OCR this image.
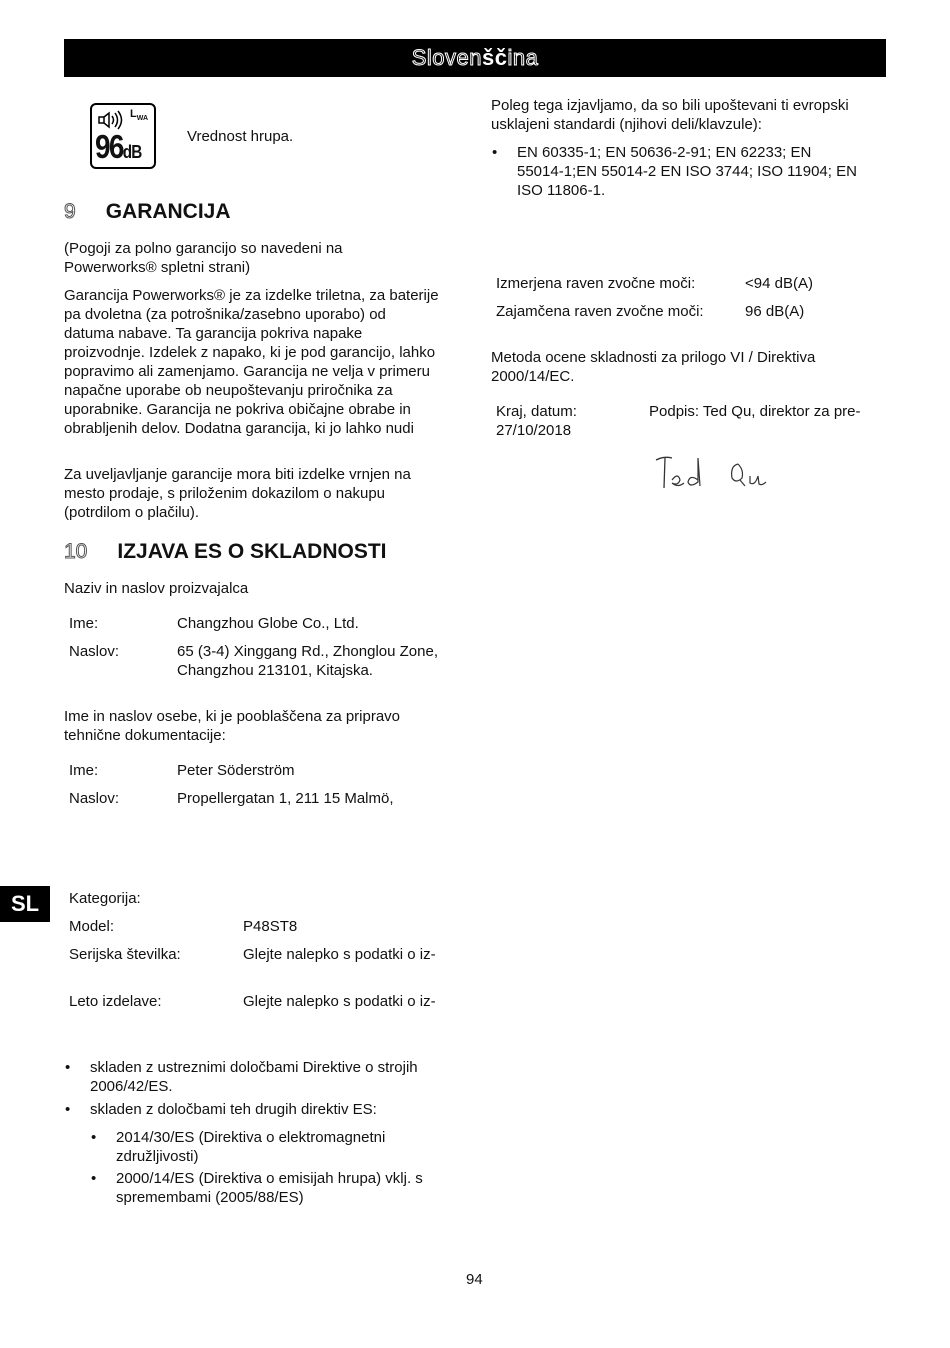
Slovenščina
$L_{WA}$
96dB

Vrednost hrupa.

9 GARANCIJA

(Pogoji za polno garancijo so navedeni na

Powerworks® spletni strani)

Garancija Powerworks® je za izdelke triletna, za baterije

pa dvoletna (za potrošnika/zasebno uporabo) od

datuma nabave. Ta garancija pokriva napake

proizvodnje. Izdelek z napako, ki je pod garancijo, lahko

popravimo ali zamenjamo. Garancija ne velja v primeru

napačne uporabe ob neupoštevanju priročnika za

uporabnike. Garancija ne pokriva običajne obrabe in

obrabljenih delov. Dodatna garancija, ki jo lahko nudi

Za uveljavljanje garancije mora biti izdelke vrnjen na

mesto prodaje, s priloženim dokazilom o nakupu

(potrdilom o plačilu).

10 IZJAVA ES O SKLADNOSTI

Naziv in naslov proizvajalca

Ime:	Changzhou Globe Co., Ltd.

Naslov:	65 (3-4) Xinggang Rd., Zhonglou Zone,

Changzhou 213101, Kitajska.

Ime in naslov osebe, ki je pooblaščena za pripravo

tehnične dokumentacije:

Ime:	Peter Söderström

Naslov:	Propellergatan 1, 211 15 Malmö,

SL	Kategorija:

Model:	P48ST8

Serijska številka:	Glejte nalepko s podatki o iz-

Leto izdelave:	Glejte nalepko s podatki o iz-

• skladen z ustreznimi določbami Direktive o strojih

2006/42/ES.

• skladen z določbami teh drugih direktiv ES:

• 2014/30/ES (Direktiva o elektromagnetni

združljivosti)

• 2000/14/ES (Direktiva o emisijah hrupa) vklj. s

spremembami (2005/88/ES)

Poleg tega izjavljamo, da so bili upoštevani ti evropski

usklajeni standardi (njihovi deli/klavzule):

• EN 60335-1; EN 50636-2-91; EN 62233; EN

55014-1;EN 55014-2 EN ISO 3744; ISO 11904; EN

ISO 11806-1.

Izmerjena raven zvočne moči:	<94 dB(A)

Zajamčena raven zvočne moči:	96 dB(A)

Metoda ocene skladnosti za prilogo VI / Direktiva

2000/14/EC.

Kraj, datum:

27/10/2018

Podpis: Ted Qu, direktor za pre-

94
